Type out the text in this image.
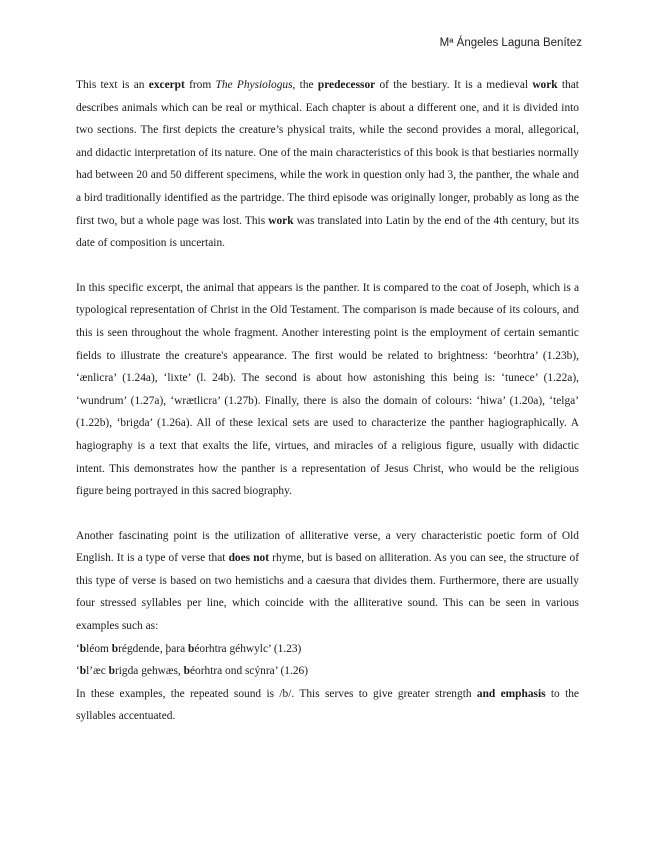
Mª Ángeles Laguna Benítez

This text is an excerpt from The Physiologus, the predecessor of the bestiary. It is a medieval work that describes animals which can be real or mythical. Each chapter is about a different one, and it is divided into two sections. The first depicts the creature’s physical traits, while the second provides a moral, allegorical, and didactic interpretation of its nature. One of the main characteristics of this book is that bestiaries normally had between 20 and 50 different specimens, while the work in question only had 3, the panther, the whale and a bird traditionally identified as the partridge. The third episode was originally longer, probably as long as the first two, but a whole page was lost. This work was translated into Latin by the end of the 4th century, but its date of composition is uncertain.

In this specific excerpt, the animal that appears is the panther. It is compared to the coat of Joseph, which is a typological representation of Christ in the Old Testament. The comparison is made because of its colours, and this is seen throughout the whole fragment. Another interesting point is the employment of certain semantic fields to illustrate the creature's appearance. The first would be related to brightness: ‘beorhtra’ (1.23b), ‘ænlicra’ (1.24a), ‘lixte’ (l. 24b). The second is about how astonishing this being is: ‘tunece’ (1.22a), ‘wundrum’ (1.27a), ‘wrætlicra’ (1.27b). Finally, there is also the domain of colours: ‘hiwa’ (1.20a), ‘telga’ (1.22b), ‘brigda’ (1.26a). All of these lexical sets are used to characterize the panther hagiographically. A hagiography is a text that exalts the life, virtues, and miracles of a religious figure, usually with didactic intent. This demonstrates how the panther is a representation of Jesus Christ, who would be the religious figure being portrayed in this sacred biography.

Another fascinating point is the utilization of alliterative verse, a very characteristic poetic form of Old English. It is a type of verse that does not rhyme, but is based on alliteration. As you can see, the structure of this type of verse is based on two hemistichs and a caesura that divides them. Furthermore, there are usually four stressed syllables per line, which coincide with the alliterative sound. This can be seen in various examples such as:

‘bléom brégdende, þara béorhtra géhwylc’ (1.23)

‘bl’æc brigda gehwæs, béorhtra ond scýnra’ (1.26)

In these examples, the repeated sound is /b/. This serves to give greater strength and emphasis to the syllables accentuated.
